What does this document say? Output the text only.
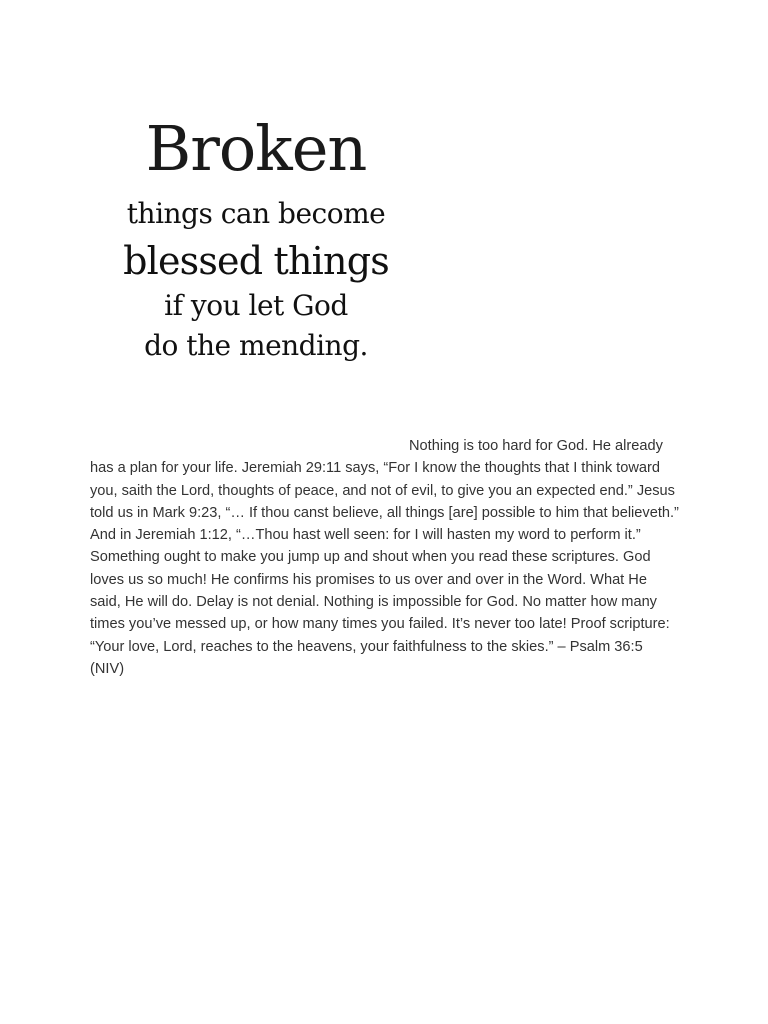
Broken
things can become
blessed things
if you let God
do the mending.

Nothing is too hard for God. He already has a plan for your life. Jeremiah 29:11 says, “For I know the thoughts that I think toward you, saith the Lord, thoughts of peace, and not of evil, to give you an expected end.” Jesus told us in Mark 9:23, “… If thou canst believe, all things [are] possible to him that believeth.” And in Jeremiah 1:12, “…Thou hast well seen: for I will hasten my word to perform it.” Something ought to make you jump up and shout when you read these scriptures. God loves us so much! He confirms his promises to us over and over in the Word. What He said, He will do. Delay is not denial. Nothing is impossible for God. No matter how many times you’ve messed up, or how many times you failed. It’s never too late! Proof scripture: “Your love, Lord, reaches to the heavens, your faithfulness to the skies.” – Psalm 36:5 (NIV)
